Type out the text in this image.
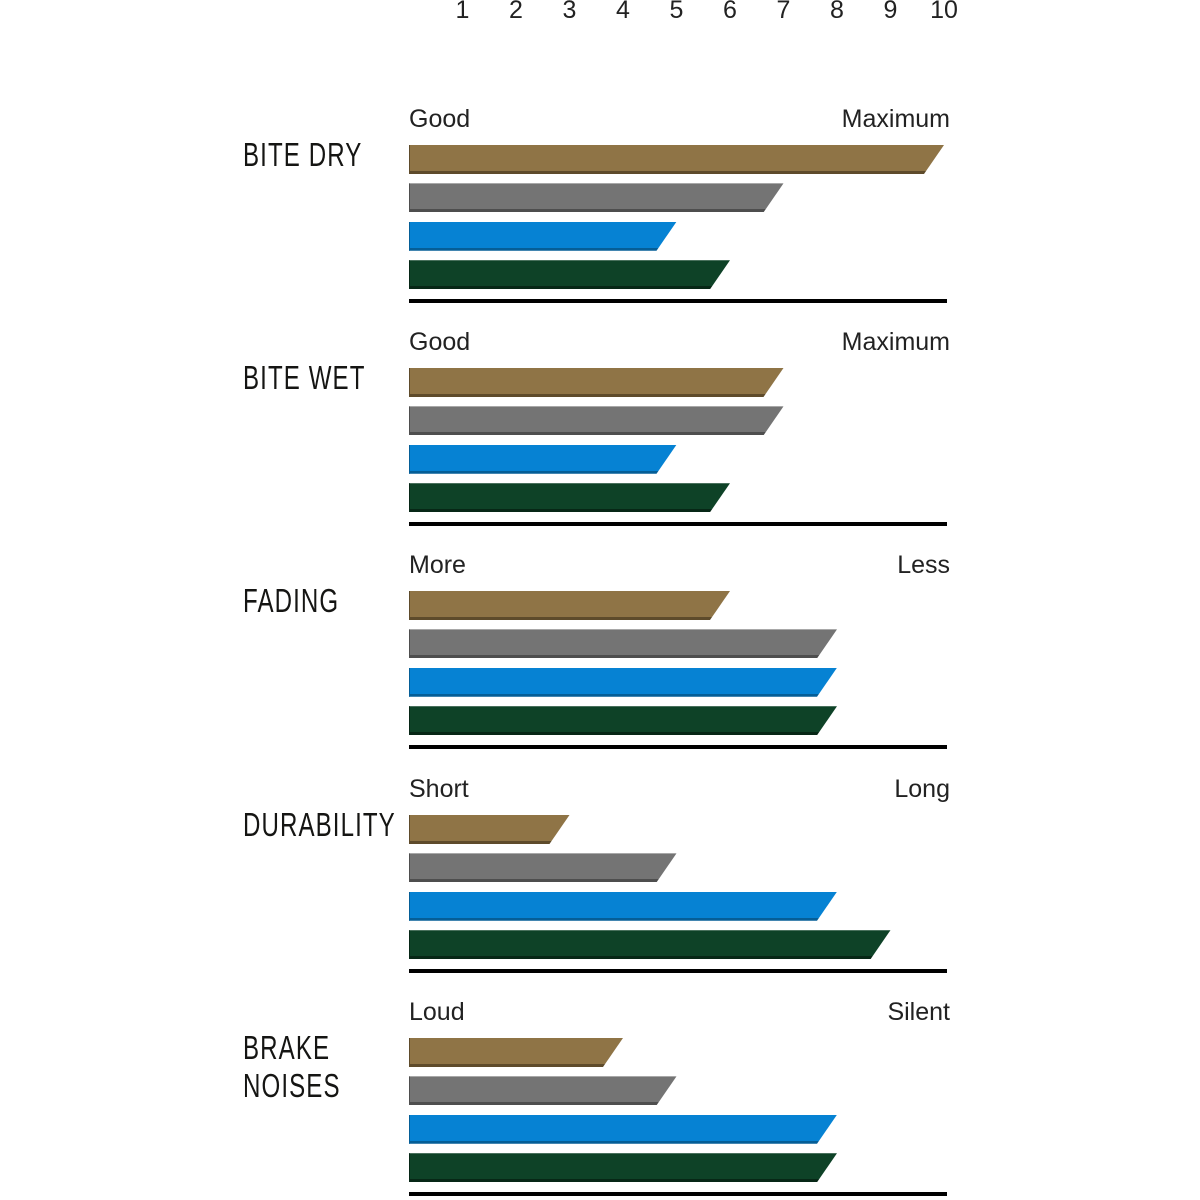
1 2 3 4 5 6 7 8 9 10
BITE DRY
Good	Maximum
BITE WET
Good	Maximum
FADING
More	Less
DURABILITY
Short	Long
BRAKE
NOISES
Loud	Silent
